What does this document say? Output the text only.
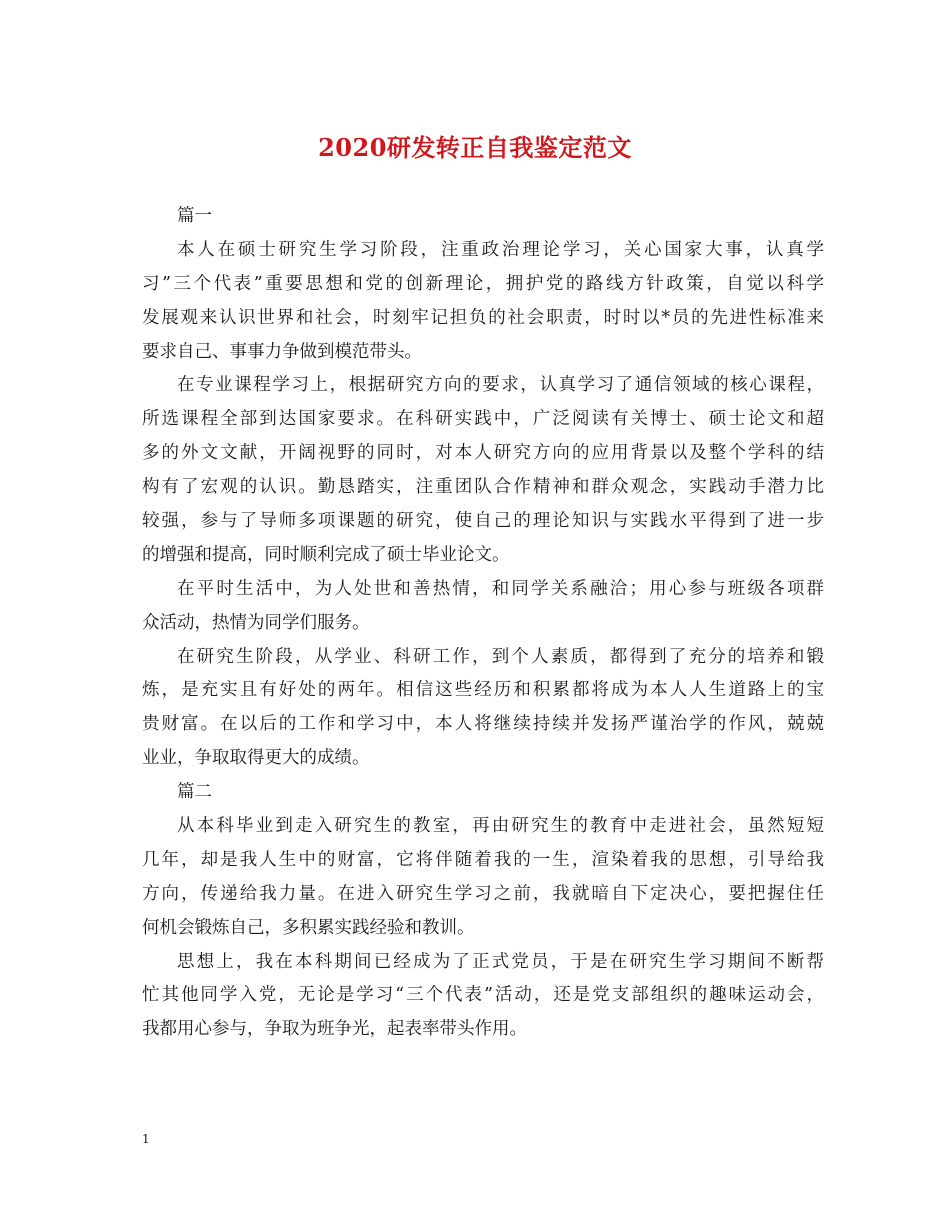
2020研发转正自我鉴定范文
篇一
本人在硕士研究生学习阶段，注重政治理论学习，关心国家大事，认真学
习”三个代表”重要思想和党的创新理论，拥护党的路线方针政策，自觉以科学
发展观来认识世界和社会，时刻牢记担负的社会职责，时时以*员的先进性标准来
要求自己、事事力争做到模范带头。
在专业课程学习上，根据研究方向的要求，认真学习了通信领域的核心课程，
所选课程全部到达国家要求。在科研实践中，广泛阅读有关博士、硕士论文和超
多的外文文献，开阔视野的同时，对本人研究方向的应用背景以及整个学科的结
构有了宏观的认识。勤恳踏实，注重团队合作精神和群众观念，实践动手潜力比
较强，参与了导师多项课题的研究，使自己的理论知识与实践水平得到了进一步
的增强和提高，同时顺利完成了硕士毕业论文。
在平时生活中，为人处世和善热情，和同学关系融洽；用心参与班级各项群
众活动，热情为同学们服务。
在研究生阶段，从学业、科研工作，到个人素质，都得到了充分的培养和锻
炼，是充实且有好处的两年。相信这些经历和积累都将成为本人人生道路上的宝
贵财富。在以后的工作和学习中，本人将继续持续并发扬严谨治学的作风，兢兢
业业，争取取得更大的成绩。
篇二
从本科毕业到走入研究生的教室，再由研究生的教育中走进社会，虽然短短
几年，却是我人生中的财富，它将伴随着我的一生，渲染着我的思想，引导给我
方向，传递给我力量。在进入研究生学习之前，我就暗自下定决心，要把握住任
何机会锻炼自己，多积累实践经验和教训。
思想上，我在本科期间已经成为了正式党员，于是在研究生学习期间不断帮
忙其他同学入党，无论是学习“三个代表”活动，还是党支部组织的趣味运动会，
我都用心参与，争取为班争光，起表率带头作用。
1
